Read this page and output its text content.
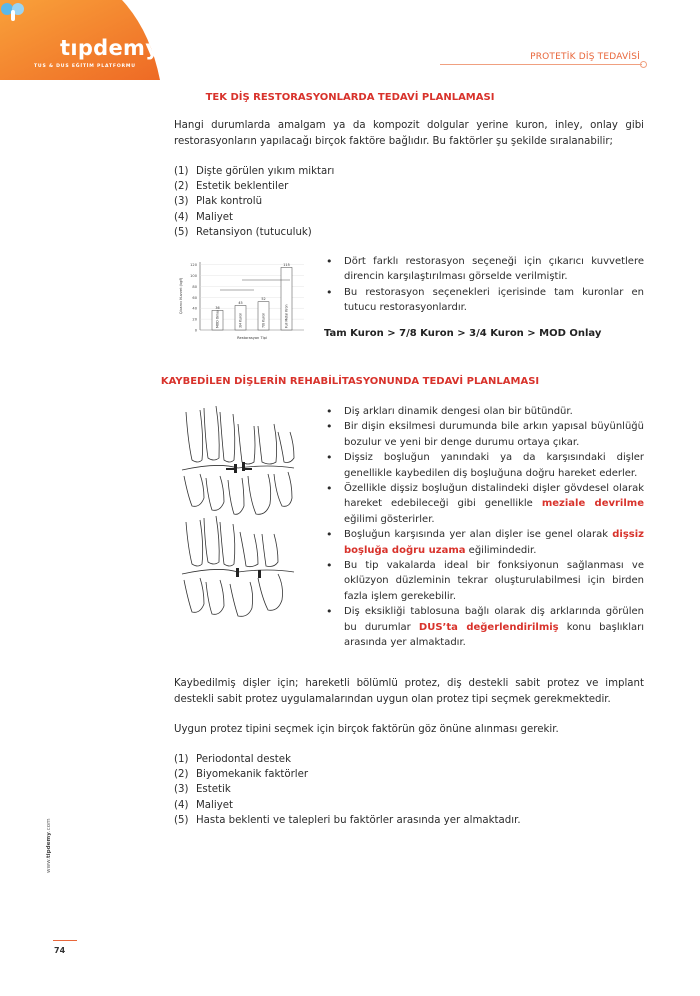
tıpdemy
TUS & DUS EĞİTİM PLATFORMU
PROTETİK DİŞ TEDAVİSİ
TEK DİŞ RESTORASYONLARDA TEDAVİ PLANLAMASI

Hangi durumlarda amalgam ya da kompozit dolgular yerine kuron, inley, onlay gibi restorasyonların yapılacağı birçok faktöre bağlıdır. Bu faktörler şu şekilde sıralanabilir;

(1) Dişte görülen yıkım miktarı
(2) Estetik beklentiler
(3) Plak kontrolü
(4) Maliyet
(5) Retansiyon (tutuculuk)
0
20
40
60
80
100
120
36
MOD Onlay
45
3/4 Kuron
52
7/8 Kuron
115
Full Metal Kron
Çıkarıcı Kuvvet (kgf)
Restorasyon Tipi
• Dört farklı restorasyon seçeneği için çıkarıcı kuvvetlere direncin karşılaştırılması görselde verilmiştir.
• Bu restorasyon seçenekleri içerisinde tam kuronlar en tutucu restorasyonlardır.
Tam Kuron > 7/8 Kuron > 3/4 Kuron > MOD Onlay
KAYBEDİLEN DİŞLERİN REHABİLİTASYONUNDA TEDAVİ PLANLAMASI
• Diş arkları dinamik dengesi olan bir bütündür.
• Bir dişin eksilmesi durumunda bile arkın yapısal büyünlüğü bozulur ve yeni bir denge durumu ortaya çıkar.
• Dişsiz boşluğun yanındaki ya da karşısındaki dişler genellikle kaybedilen diş boşluğuna doğru hareket ederler.
• Özellikle dişsiz boşluğun distalindeki dişler gövdesel olarak hareket edebileceği gibi genellikle meziale devrilme eğilimi gösterirler.
• Boşluğun karşısında yer alan dişler ise genel olarak dişsiz boşluğa doğru uzama eğilimindedir.
• Bu tip vakalarda ideal bir fonksiyonun sağlanması ve oklüzyon düzleminin tekrar oluşturulabilmesi için birden fazla işlem gerekebilir.
• Diş eksikliği tablosuna bağlı olarak diş arklarında görülen bu durumlar DUS’ta değerlendirilmiş konu başlıkları arasında yer almaktadır.

Kaybedilmiş dişler için; hareketli bölümlü protez, diş destekli sabit protez ve implant destekli sabit protez uygulamalarından uygun olan protez tipi seçmek gerekmektedir.

Uygun protez tipini seçmek için birçok faktörün göz önüne alınması gerekir.

(1) Periodontal destek
(2) Biyomekanik faktörler
(3) Estetik
(4) Maliyet
(5) Hasta beklenti ve talepleri bu faktörler arasında yer almaktadır.
www.tipdemy.com
74
